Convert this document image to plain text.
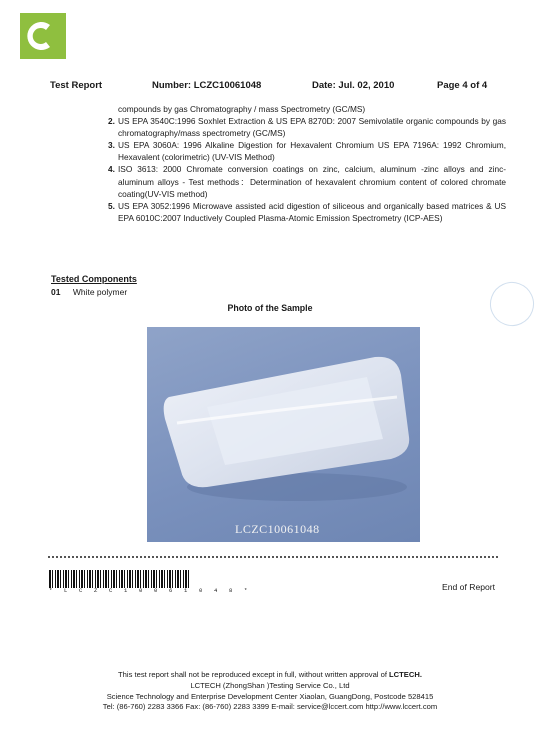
Test Report	Number: LCZC10061048	Date: Jul. 02, 2010	Page 4 of 4
compounds by gas Chromatography / mass Spectrometry (GC/MS)
2. US EPA 3540C:1996 Soxhlet Extraction & US EPA 8270D: 2007 Semivolatile organic compounds by gas chromatography/mass spectrometry (GC/MS)
3. US EPA 3060A: 1996 Alkaline Digestion for Hexavalent Chromium US EPA 7196A: 1992 Chromium, Hexavalent (colorimetric) (UV-VIS Method)
4. ISO 3613: 2000 Chromate conversion coatings on zinc, calcium, aluminum -zinc alloys and zinc-aluminum alloys - Test methods：Determination of hexavalent chromium content of colored chromate coating(UV-VIS method)
5. US EPA 3052:1996 Microwave assisted acid digestion of siliceous and organically based matrices & US EPA 6010C:2007 Inductively Coupled Plasma-Atomic Emission Spectrometry (ICP-AES)
Tested Components
01 White polymer
Photo of the Sample
LCZC10061048
* L C Z C 1 0 0 6 1 0 4 8 *	End of Report
This test report shall not be reproduced except in full, without written approval of LCTECH.
LCTECH (ZhongShan )Testing Service Co., Ltd
Science Technology and Enterprise Development Center Xiaolan, GuangDong, Postcode 528415
Tel: (86-760) 2283 3366 Fax: (86-760) 2283 3399 E-mail: service@lccert.com http://www.lccert.com
